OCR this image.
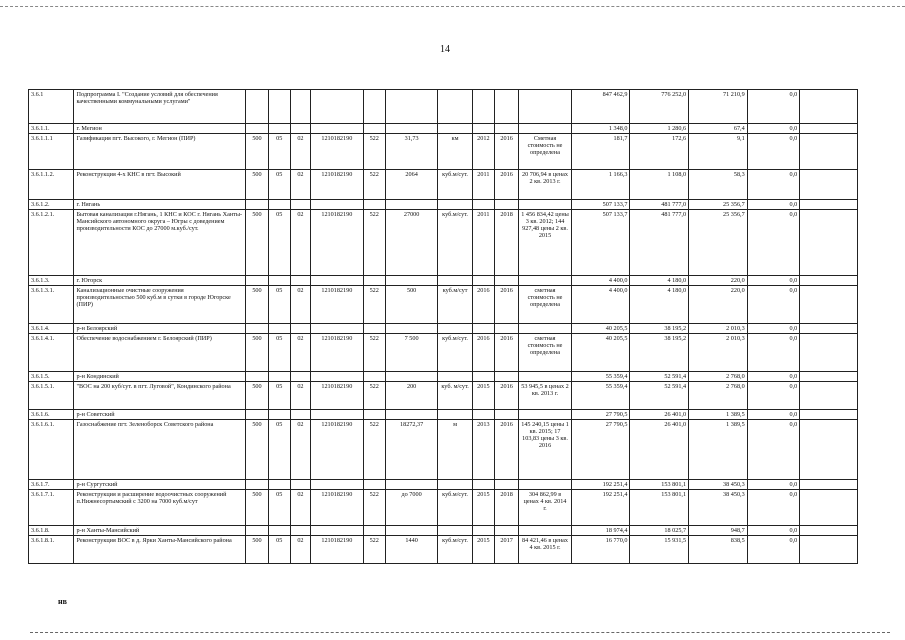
14
3.6.1	Подпрограмма I. "Создание условий для обеспечения качественными коммунальными услугами"											847 462,9	776 252,0	71 210,9	0,0	
3.6.1.1.	г. Мегион											1 348,0	1 280,6	67,4	0,0	
3.6.1.1.1	Газификация пгт. Высокого, г. Мегион (ПИР)	500	05	02	1210182190	522	31,73	км	2012	2016	Сметная стоимость не определена	181,7	172,6	9,1	0,0	
3.6.1.1.2.	Реконструкция 4-х КНС в пгт. Высокий	500	05	02	1210182190	522	2064	куб.м/сут.	2011	2016	20 706,94 в ценах 2 кв. 2013 г.	1 166,3	1 108,0	58,3	0,0	
3.6.1.2.	г. Нягань											507 133,7	481 777,0	25 356,7	0,0	
3.6.1.2.1.	Бытовая канализация г.Нягань, 1 КНС и КОС г. Нягань Ханты-Мансийского автономного округа – Югры с доведением производительности КОС до 27000 м.куб./сут.	500	05	02	1210182190	522	27000	куб.м/сут.	2011	2018	1 456 834,42 цены 3 кв. 2012; 144 927,48 цены 2 кв. 2015	507 133,7	481 777,0	25 356,7	0,0	
3.6.1.3.	г. Югорск											4 400,0	4 180,0	220,0	0,0	
3.6.1.3.1.	Канализационные очистные сооружения производительностью 500 куб.м в сутки в городе Югорске (ПИР)	500	05	02	1210182190	522	500	куб.м/сут	2016	2016	сметная стоимость не определена	4 400,0	4 180,0	220,0	0,0	
3.6.1.4.	р-н Белоярский											40 205,5	38 195,2	2 010,3	0,0	
3.6.1.4.1.	Обеспечение водоснабжением г. Белоярский (ПИР)	500	05	02	1210182190	522	7 500	куб.м/сут.	2016	2016	сметная стоимость не определена	40 205,5	38 195,2	2 010,3	0,0	
3.6.1.5.	р-н Кондинский											55 359,4	52 591,4	2 768,0	0,0	
3.6.1.5.1.	"ВОС на 200 куб/сут. в пгт. Луговой", Кондинского района	500	05	02	1210182190	522	200	куб. м/сут.	2015	2016	53 945,5 в ценах 2 кв. 2013 г.	55 359,4	52 591,4	2 768,0	0,0	
3.6.1.6.	р-н Советский											27 790,5	26 401,0	1 389,5	0,0	
3.6.1.6.1.	Газоснабжение пгт. Зеленоборск Советского района	500	05	02	1210182190	522	18272,37	м	2013	2016	145 240,15 цены 1 кв. 2015; 17 103,83 цены 3 кв. 2016	27 790,5	26 401,0	1 389,5	0,0	
3.6.1.7.	р-н Сургутский											192 251,4	153 801,1	38 450,3	0,0	
3.6.1.7.1.	Реконструкция и расширение водоочистных сооружений п.Нижнесортымский с 3200 на 7000 куб.м/сут	500	05	02	1210182190	522	до 7000	куб.м/сут.	2015	2018	304 862,99 в ценах 4 кв. 2014 г.	192 251,4	153 801,1	38 450,3	0,0	
3.6.1.8.	р-н Ханты-Мансийский											18 974,4	18 025,7	948,7	0,0	
3.6.1.8.1.	Реконструкция ВОС в д. Ярки Ханты-Мансийского района	500	05	02	1210182190	522	1440	куб.м/сут.	2015	2017	84 421,46 в ценах 4 кв. 2015 г.	16 770,0	15 931,5	838,5	0,0	
нв
